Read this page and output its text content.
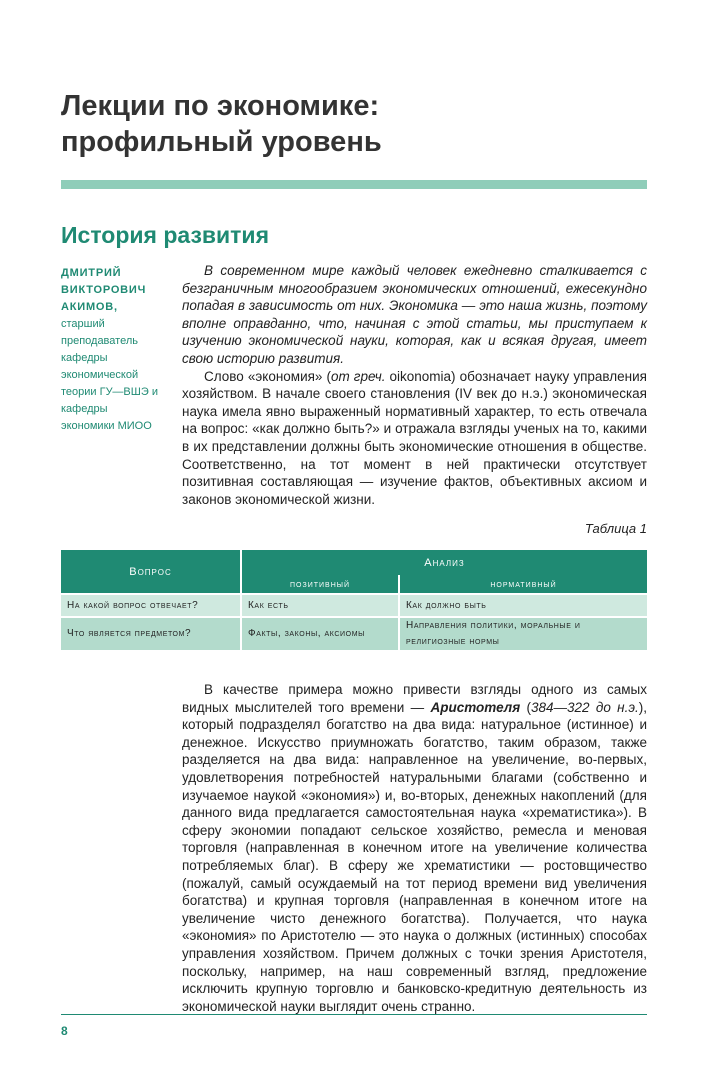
Лекции по экономике:
профильный уровень
История развития
ДМИТРИЙ
ВИКТОРОВИЧ
АКИМОВ,
старший преподаватель кафедры экономической теории ГУ—ВШЭ и кафедры экономики МИОО

В современном мире каждый человек ежедневно сталкивается с безграничным многообразием экономических отношений, ежесекундно попадая в зависимость от них. Экономика — это наша жизнь, поэтому вполне оправданно, что, начиная с этой статьи, мы приступаем к изучению экономической науки, которая, как и всякая другая, имеет свою историю развития.

Слово «экономия» (от греч. oikonomia) обозначает науку управления хозяйством. В начале своего становления (IV век до н.э.) экономическая наука имела явно выраженный нормативный характер, то есть отвечала на вопрос: «как должно быть?» и отражала взгляды ученых на то, какими в их представлении должны быть экономические отношения в обществе. Соответственно, на тот момент в ней практически отсутствует позитивная составляющая — изучение фактов, объективных аксиом и законов экономической жизни.

Таблица 1
Вопрос	Анализ	
	позитивный	нормативный
На какой вопрос отвечает?	Как есть	Как должно быть
Что является предметом?	Факты, законы, аксиомы	Направления политики, моральные и религиозные нормы

В качестве примера можно привести взгляды одного из самых видных мыслителей того времени — Аристотеля (384—322 до н.э.), который подразделял богатство на два вида: натуральное (истинное) и денежное. Искусство приумножать богатство, таким образом, также разделяется на два вида: направленное на увеличение, во-первых, удовлетворения потребностей натуральными благами (собственно и изучаемое наукой «экономия») и, во-вторых, денежных накоплений (для данного вида предлагается самостоятельная наука «хрематистика»). В сферу экономии попадают сельское хозяйство, ремесла и меновая торговля (направленная в конечном итоге на увеличение количества потребляемых благ). В сферу же хрематистики — ростовщичество (пожалуй, самый осуждаемый на тот период времени вид увеличения богатства) и крупная торговля (направленная в конечном итоге на увеличение чисто денежного богатства). Получается, что наука «экономия» по Аристотелю — это наука о должных (истинных) способах управления хозяйством. Причем должных с точки зрения Аристотеля, поскольку, например, на наш современный взгляд, предложение исключить крупную торговлю и банковско-кредитную деятельность из экономической науки выглядит очень странно.

8
